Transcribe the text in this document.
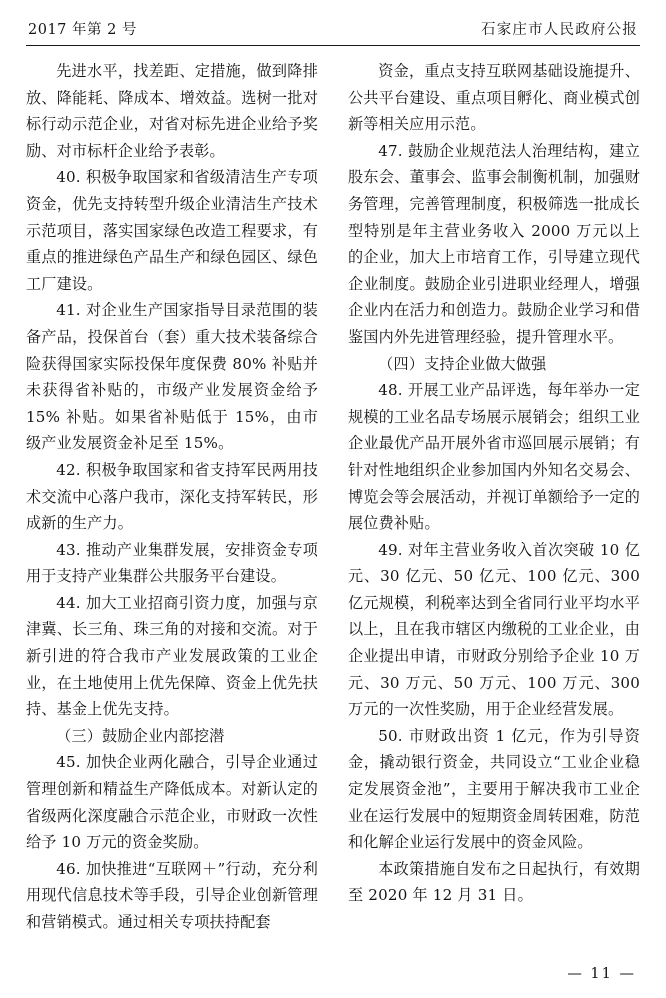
2017 年第 2 号	石家庄市人民政府公报

先进水平，找差距、定措施，做到降排放、降能耗、降成本、增效益。选树一批对标行动示范企业，对省对标先进企业给予奖励、对市标杆企业给予表彰。

40. 积极争取国家和省级清洁生产专项资金，优先支持转型升级企业清洁生产技术示范项目，落实国家绿色改造工程要求，有重点的推进绿色产品生产和绿色园区、绿色工厂建设。

41. 对企业生产国家指导目录范围的装备产品，投保首台（套）重大技术装备综合险获得国家实际投保年度保费 80% 补贴并未获得省补贴的，市级产业发展资金给予 15% 补贴。如果省补贴低于 15%，由市级产业发展资金补足至 15%。

42. 积极争取国家和省支持军民两用技术交流中心落户我市，深化支持军转民，形成新的生产力。

43. 推动产业集群发展，安排资金专项用于支持产业集群公共服务平台建设。

44. 加大工业招商引资力度，加强与京津冀、长三角、珠三角的对接和交流。对于新引进的符合我市产业发展政策的工业企业，在土地使用上优先保障、资金上优先扶持、基金上优先支持。

（三）鼓励企业内部挖潜

45. 加快企业两化融合，引导企业通过管理创新和精益生产降低成本。对新认定的省级两化深度融合示范企业，市财政一次性给予 10 万元的资金奖励。

46. 加快推进“互联网＋”行动，充分利用现代信息技术等手段，引导企业创新管理和营销模式。通过相关专项扶持配套

资金，重点支持互联网基础设施提升、公共平台建设、重点项目孵化、商业模式创新等相关应用示范。

47. 鼓励企业规范法人治理结构，建立股东会、董事会、监事会制衡机制，加强财务管理，完善管理制度，积极筛选一批成长型特别是年主营业务收入 2000 万元以上的企业，加大上市培育工作，引导建立现代企业制度。鼓励企业引进职业经理人，增强企业内在活力和创造力。鼓励企业学习和借鉴国内外先进管理经验，提升管理水平。

（四）支持企业做大做强

48. 开展工业产品评选，每年举办一定规模的工业名品专场展示展销会；组织工业企业最优产品开展外省市巡回展示展销；有针对性地组织企业参加国内外知名交易会、博览会等会展活动，并视订单额给予一定的展位费补贴。

49. 对年主营业务收入首次突破 10 亿元、30 亿元、50 亿元、100 亿元、300 亿元规模，利税率达到全省同行业平均水平以上，且在我市辖区内缴税的工业企业，由企业提出申请，市财政分别给予企业 10 万元、30 万元、50 万元、100 万元、300 万元的一次性奖励，用于企业经营发展。

50. 市财政出资 1 亿元，作为引导资金，撬动银行资金，共同设立“工业企业稳定发展资金池”，主要用于解决我市工业企业在运行发展中的短期资金周转困难，防范和化解企业运行发展中的资金风险。

本政策措施自发布之日起执行，有效期至 2020 年 12 月 31 日。

— 11 —
